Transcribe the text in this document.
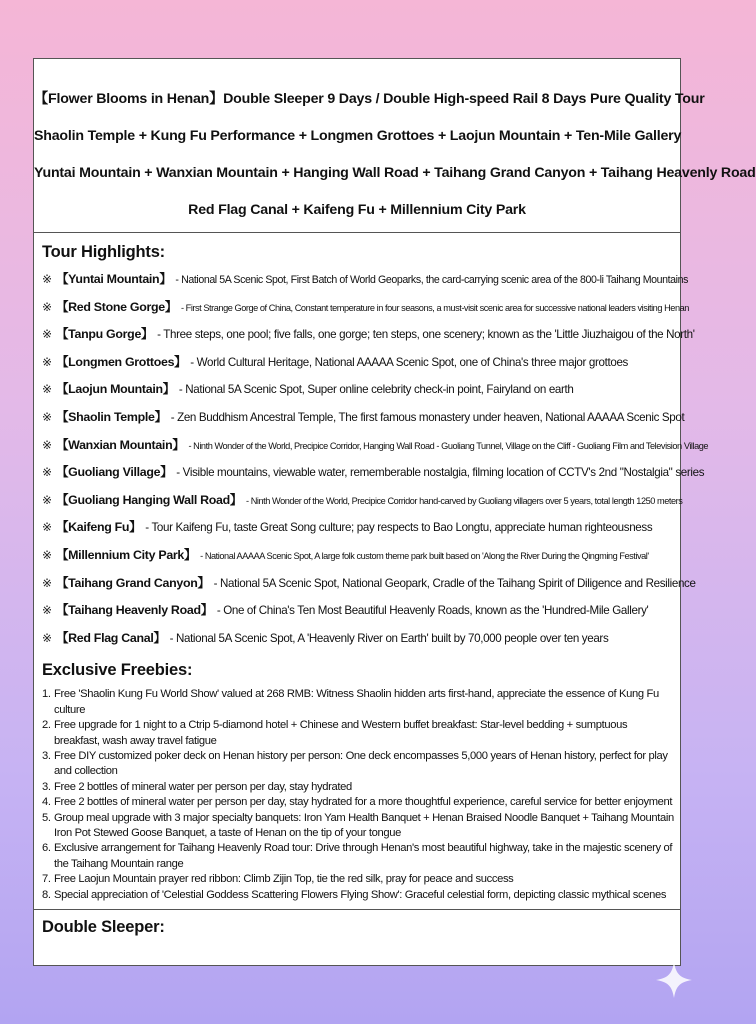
【Flower Blooms in Henan】Double Sleeper 9 Days / Double High-speed Rail 8 Days Pure Quality Tour
Shaolin Temple + Kung Fu Performance + Longmen Grottoes + Laojun Mountain + Ten-Mile Gallery
Yuntai Mountain + Wanxian Mountain + Hanging Wall Road + Taihang Grand Canyon + Taihang Heavenly Road
Red Flag Canal + Kaifeng Fu + Millennium City Park
Tour Highlights:
※ 【Yuntai Mountain】 - National 5A Scenic Spot, First Batch of World Geoparks, the card-carrying scenic area of the 800-li Taihang Mountains
※ 【Red Stone Gorge】 - First Strange Gorge of China, Constant temperature in four seasons, a must-visit scenic area for successive national leaders visiting Henan
※ 【Tanpu Gorge】 - Three steps, one pool; five falls, one gorge; ten steps, one scenery; known as the 'Little Jiuzhaigou of the North'
※ 【Longmen Grottoes】 - World Cultural Heritage, National AAAAA Scenic Spot, one of China's three major grottoes
※ 【Laojun Mountain】 - National 5A Scenic Spot, Super online celebrity check-in point, Fairyland on earth
※ 【Shaolin Temple】 - Zen Buddhism Ancestral Temple, The first famous monastery under heaven, National AAAAA Scenic Spot
※ 【Wanxian Mountain】 - Ninth Wonder of the World, Precipice Corridor, Hanging Wall Road - Guoliang Tunnel, Village on the Cliff - Guoliang Film and Television Village
※ 【Guoliang Village】 - Visible mountains, viewable water, rememberable nostalgia, filming location of CCTV's 2nd "Nostalgia" series
※ 【Guoliang Hanging Wall Road】 - Ninth Wonder of the World, Precipice Corridor hand-carved by Guoliang villagers over 5 years, total length 1250 meters
※ 【Kaifeng Fu】 - Tour Kaifeng Fu, taste Great Song culture; pay respects to Bao Longtu, appreciate human righteousness
※ 【Millennium City Park】 - National AAAAA Scenic Spot, A large folk custom theme park built based on 'Along the River During the Qingming Festival'
※ 【Taihang Grand Canyon】 - National 5A Scenic Spot, National Geopark, Cradle of the Taihang Spirit of Diligence and Resilience
※ 【Taihang Heavenly Road】 - One of China's Ten Most Beautiful Heavenly Roads, known as the 'Hundred-Mile Gallery'
※ 【Red Flag Canal】 - National 5A Scenic Spot, A 'Heavenly River on Earth' built by 70,000 people over ten years
Exclusive Freebies:
1. Free 'Shaolin Kung Fu World Show' valued at 268 RMB: Witness Shaolin hidden arts first-hand, appreciate the essence of Kung Fu culture
2. Free upgrade for 1 night to a Ctrip 5-diamond hotel + Chinese and Western buffet breakfast: Star-level bedding + sumptuous breakfast, wash away travel fatigue
3. Free DIY customized poker deck on Henan history per person: One deck encompasses 5,000 years of Henan history, perfect for play and collection
3. Free 2 bottles of mineral water per person per day, stay hydrated
4. Free 2 bottles of mineral water per person per day, stay hydrated for a more thoughtful experience, careful service for better enjoyment
5. Group meal upgrade with 3 major specialty banquets: Iron Yam Health Banquet + Henan Braised Noodle Banquet + Taihang Mountain Iron Pot Stewed Goose Banquet, a taste of Henan on the tip of your tongue
6. Exclusive arrangement for Taihang Heavenly Road tour: Drive through Henan's most beautiful highway, take in the majestic scenery of the Taihang Mountain range
7. Free Laojun Mountain prayer red ribbon: Climb Zijin Top, tie the red silk, pray for peace and success
8. Special appreciation of 'Celestial Goddess Scattering Flowers Flying Show': Graceful celestial form, depicting classic mythical scenes
Double Sleeper:
